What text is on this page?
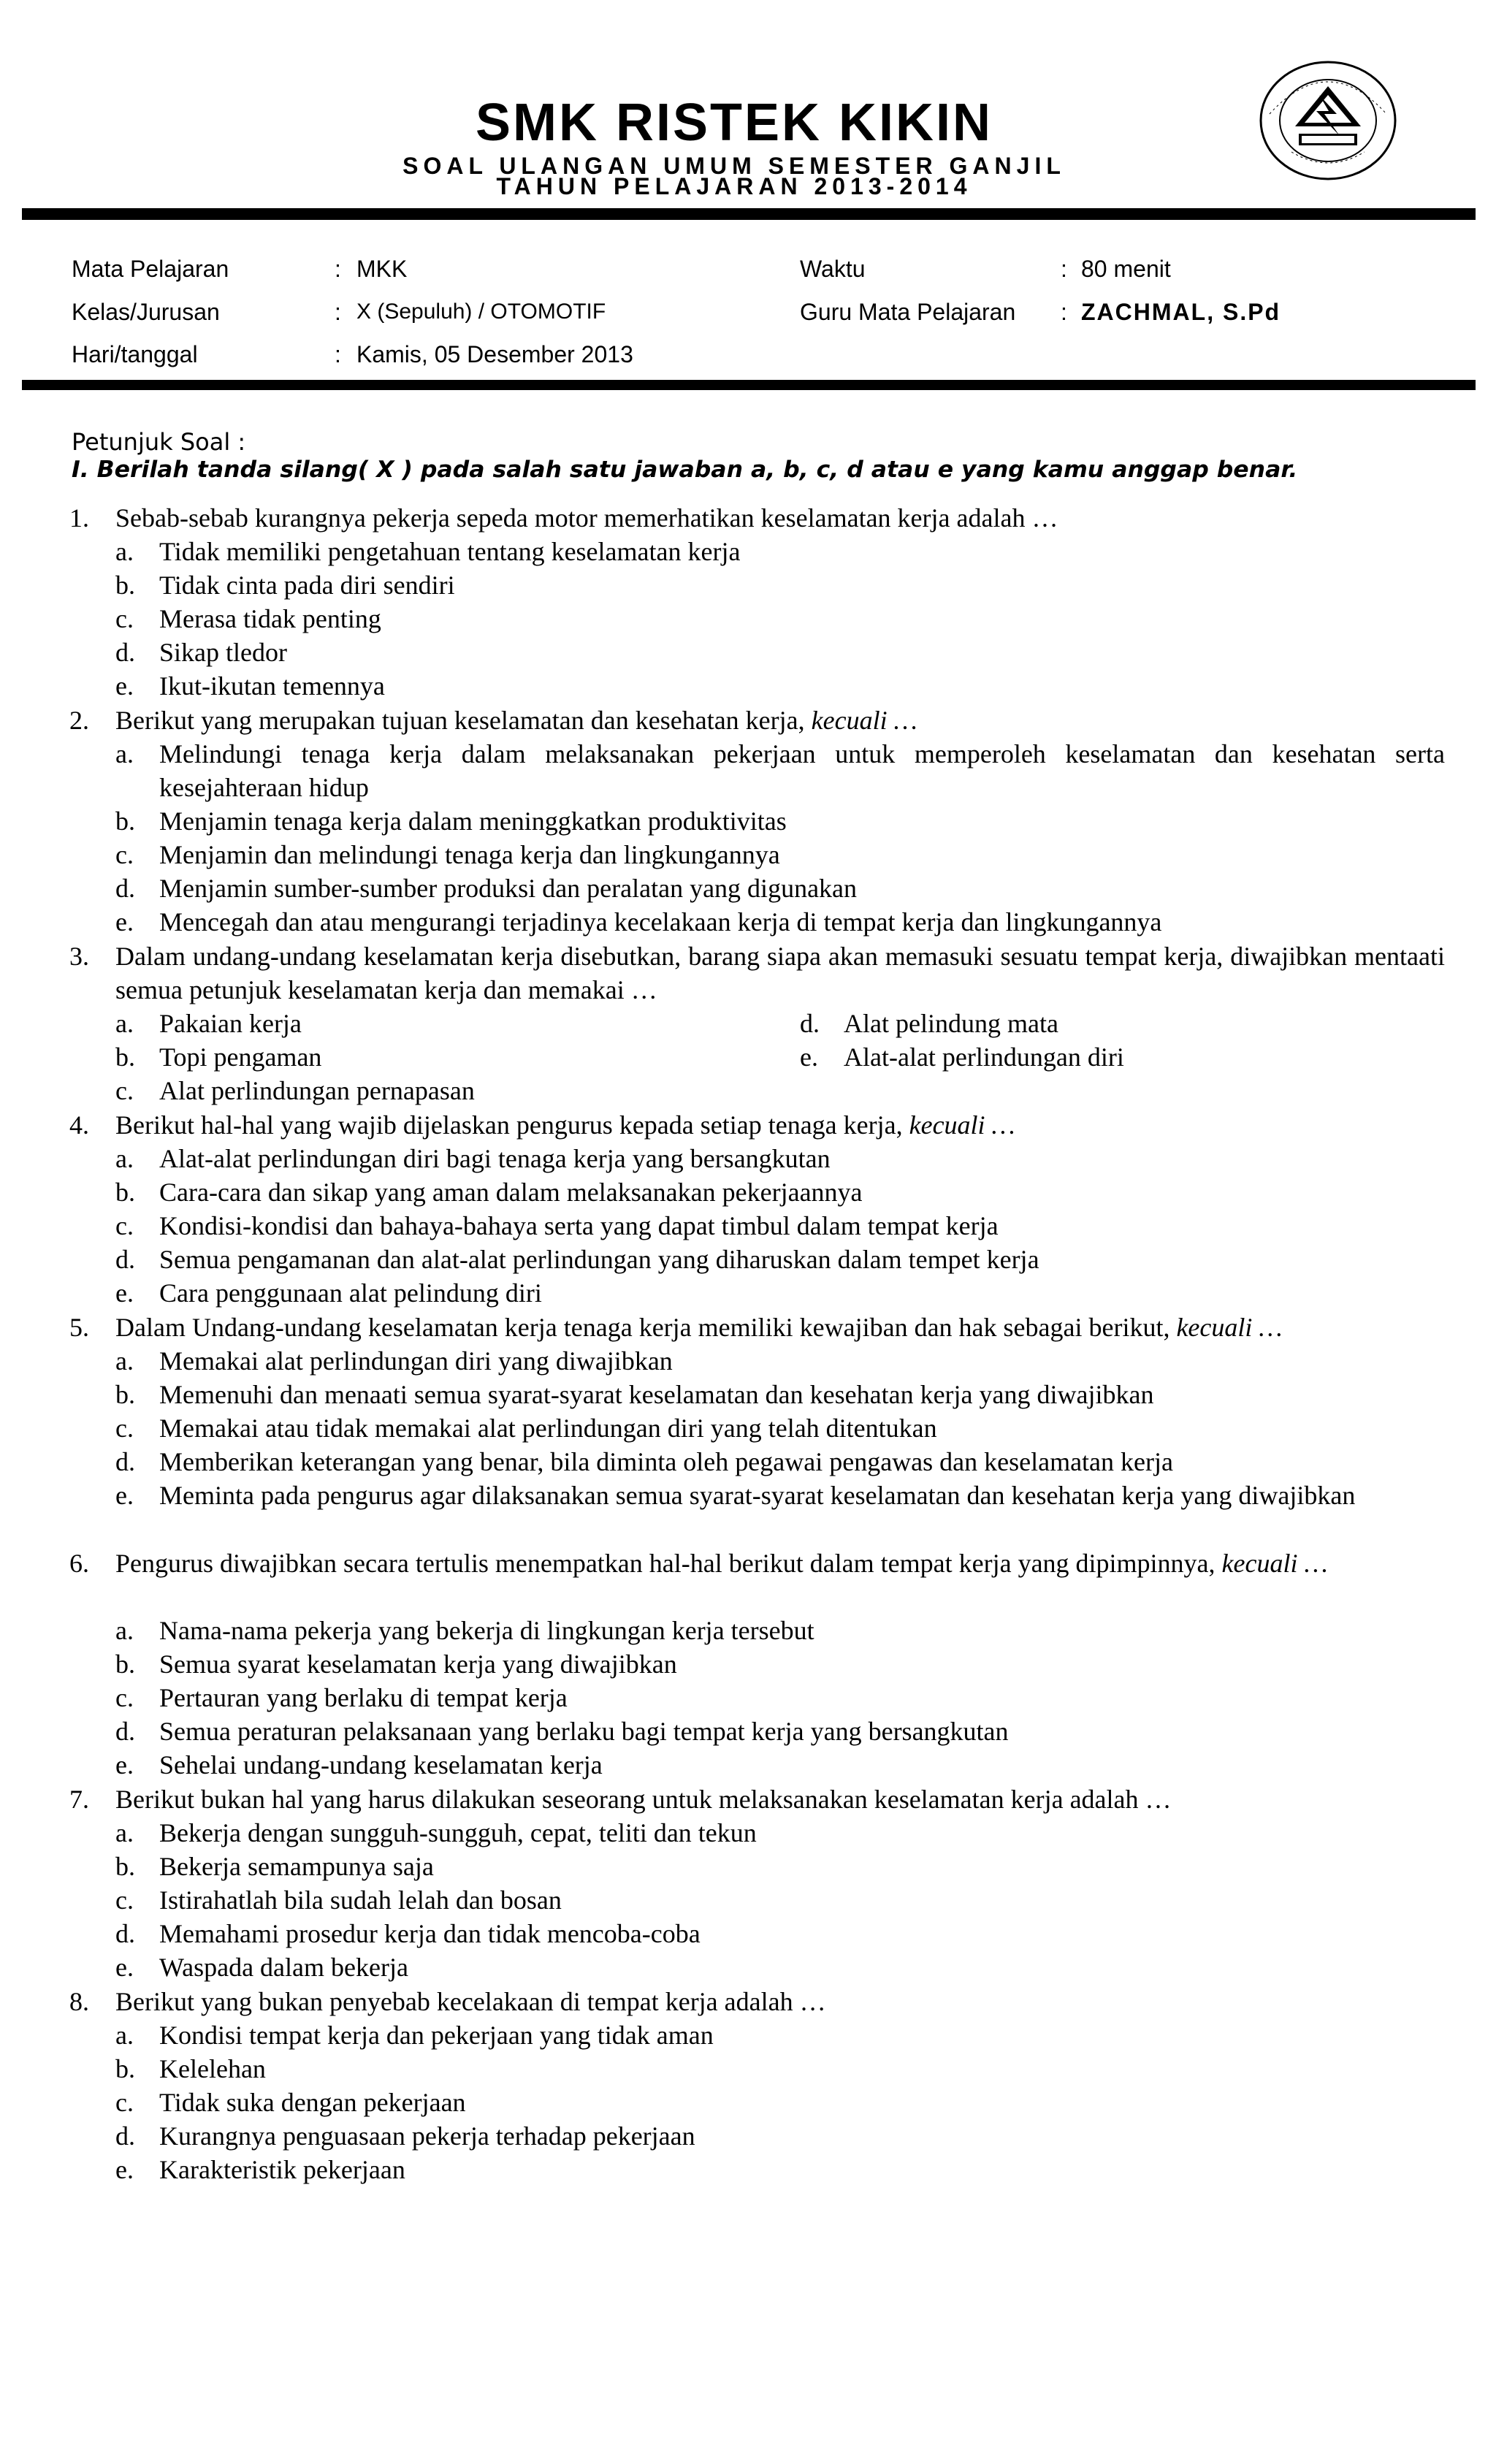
SMK RISTEK KIKIN
SOAL ULANGAN UMUM SEMESTER GANJIL
TAHUN PELAJARAN 2013-2014
Mata Pelajaran	: MKK
Kelas/Jurusan	: X (Sepuluh) / OTOMOTIF
Hari/tanggal	: Kamis, 05 Desember 2013
Waktu	: 80 menit
Guru Mata Pelajaran : ZACHMAL, S.Pd
Petunjuk Soal :
I. Berilah tanda silang( X ) pada salah satu jawaban a, b, c, d atau e yang kamu anggap benar.
1.	Sebab-sebab kurangnya pekerja sepeda motor memerhatikan keselamatan kerja adalah …
a. Tidak memiliki pengetahuan tentang keselamatan kerja
b. Tidak cinta pada diri sendiri
c. Merasa tidak penting
d. Sikap tledor
e. Ikut-ikutan temennya
2.	Berikut yang merupakan tujuan keselamatan dan kesehatan kerja, kecuali …
a. Melindungi tenaga kerja dalam melaksanakan pekerjaan untuk memperoleh keselamatan dan kesehatan serta kesejahteraan hidup
b. Menjamin tenaga kerja dalam meninggkatkan produktivitas
c. Menjamin dan melindungi tenaga kerja dan lingkungannya
d. Menjamin sumber-sumber produksi dan peralatan yang digunakan
e. Mencegah dan atau mengurangi terjadinya kecelakaan kerja di tempat kerja dan lingkungannya
3.	Dalam undang-undang keselamatan kerja disebutkan, barang siapa akan memasuki sesuatu tempat kerja, diwajibkan mentaati semua petunjuk keselamatan kerja dan memakai …
a. Pakaian kerja
b. Topi pengaman
c. Alat perlindungan pernapasan
d. Alat pelindung mata
e. Alat-alat perlindungan diri
4.	Berikut hal-hal yang wajib dijelaskan pengurus kepada setiap tenaga kerja, kecuali …
a. Alat-alat perlindungan diri bagi tenaga kerja yang bersangkutan
b. Cara-cara dan sikap yang aman dalam melaksanakan pekerjaannya
c. Kondisi-kondisi dan bahaya-bahaya serta yang dapat timbul dalam tempat kerja
d. Semua pengamanan dan alat-alat perlindungan yang diharuskan dalam tempet kerja
e. Cara penggunaan alat pelindung diri
5.	Dalam Undang-undang keselamatan kerja tenaga kerja memiliki kewajiban dan hak sebagai berikut, kecuali …
a. Memakai alat perlindungan diri yang diwajibkan
b. Memenuhi dan menaati semua syarat-syarat keselamatan dan kesehatan kerja yang diwajibkan
c. Memakai atau tidak memakai alat perlindungan diri yang telah ditentukan
d. Memberikan keterangan yang benar, bila diminta oleh pegawai pengawas dan keselamatan kerja
e. Meminta pada pengurus agar dilaksanakan semua syarat-syarat keselamatan dan kesehatan kerja yang diwajibkan
6.	Pengurus diwajibkan secara tertulis menempatkan hal-hal berikut dalam tempat kerja yang dipimpinnya, kecuali …
a. Nama-nama pekerja yang bekerja di lingkungan kerja tersebut
b. Semua syarat keselamatan kerja yang diwajibkan
c. Pertauran yang berlaku di tempat kerja
d. Semua peraturan pelaksanaan yang berlaku bagi tempat kerja yang bersangkutan
e. Sehelai undang-undang keselamatan kerja
7.	Berikut bukan hal yang harus dilakukan seseorang untuk melaksanakan keselamatan kerja adalah …
a. Bekerja dengan sungguh-sungguh, cepat, teliti dan tekun
b. Bekerja semampunya saja
c. Istirahatlah bila sudah lelah dan bosan
d. Memahami prosedur kerja dan tidak mencoba-coba
e. Waspada dalam bekerja
8.	Berikut yang bukan penyebab kecelakaan di tempat kerja adalah …
a. Kondisi tempat kerja dan pekerjaan yang tidak aman
b. Kelelehan
c. Tidak suka dengan pekerjaan
d. Kurangnya penguasaan pekerja terhadap pekerjaan
e. Karakteristik pekerjaan
